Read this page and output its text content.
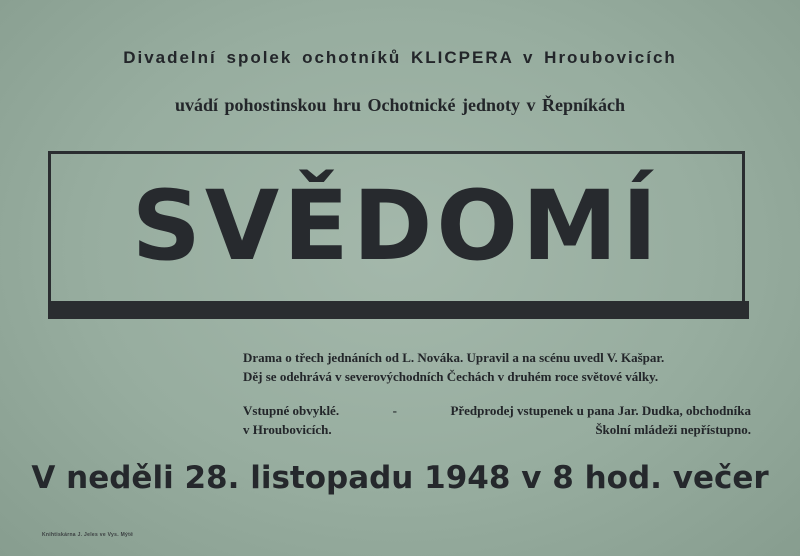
Divadelní spolek ochotníků KLICPERA v Hroubovicích
uvádí pohostinskou hru Ochotnické jednoty v Řepníkách
SVĚDOMÍ
Drama o třech jednáních od L. Nováka. Upravil a na scénu uvedl V. Kašpar.
Děj se odehrává v severovýchodních Čechách v druhém roce světové války.
Vstupné obvyklé.	-	Předprodej vstupenek u pana Jar. Dudka, obchodníka
v Hroubovicích.	Školní mládeži nepřístupno.
V neděli 28. listopadu 1948 v 8 hod. večer
Knihtiskárna J. Jeles ve Vys. Mýtě
